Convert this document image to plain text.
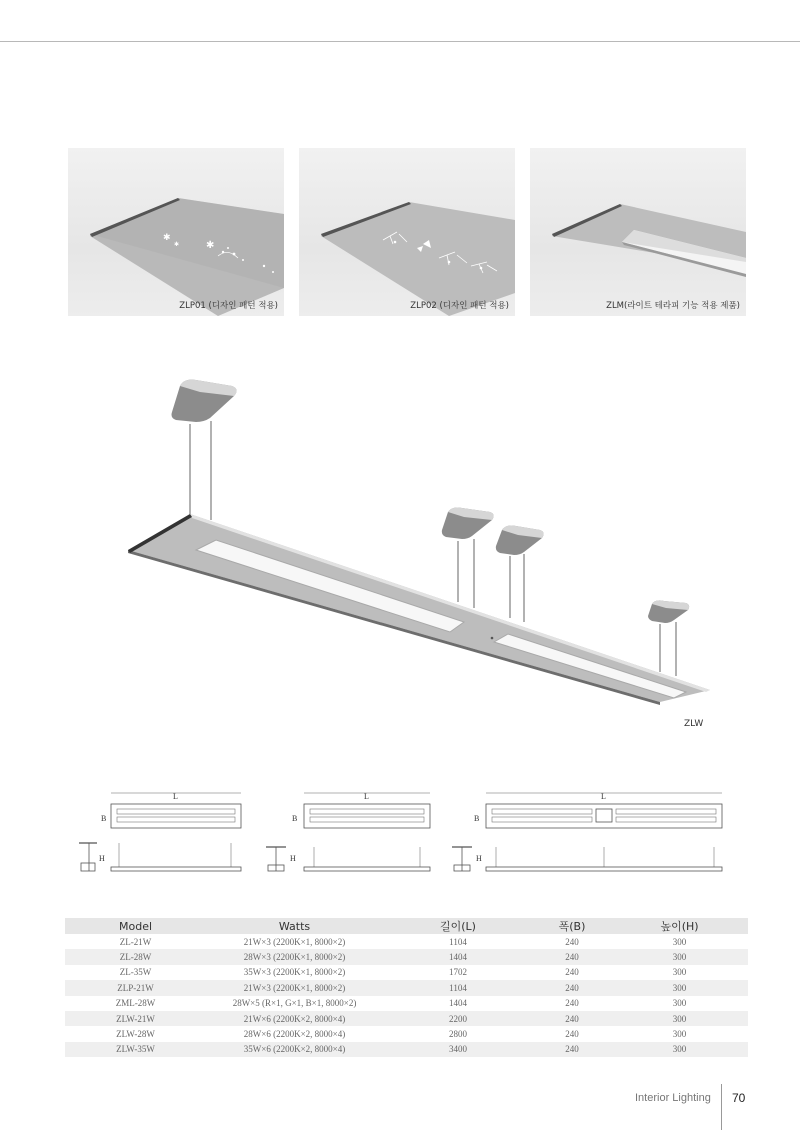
✱
✱	✱
ZLP01 (디자인 패턴 적용)	ZLP02 (디자인 패턴 적용)	ZLM(라이트 테라피 기능 적용 제품)
ZLW
L
B
H
L
B
H
L
B
H
Model	Watts	길이(L)	폭(B)	높이(H)
ZL-21W	21W×3 (2200K×1, 8000×2)	1104	240	300
ZL-28W	28W×3 (2200K×1, 8000×2)	1404	240	300
ZL-35W	35W×3 (2200K×1, 8000×2)	1702	240	300
ZLP-21W	21W×3 (2200K×1, 8000×2)	1104	240	300
ZML-28W	28W×5 (R×1, G×1, B×1, 8000×2)	1404	240	300
ZLW-21W	21W×6 (2200K×2, 8000×4)	2200	240	300
ZLW-28W	28W×6 (2200K×2, 8000×4)	2800	240	300
ZLW-35W	35W×6 (2200K×2, 8000×4)	3400	240	300
Interior Lighting 70
